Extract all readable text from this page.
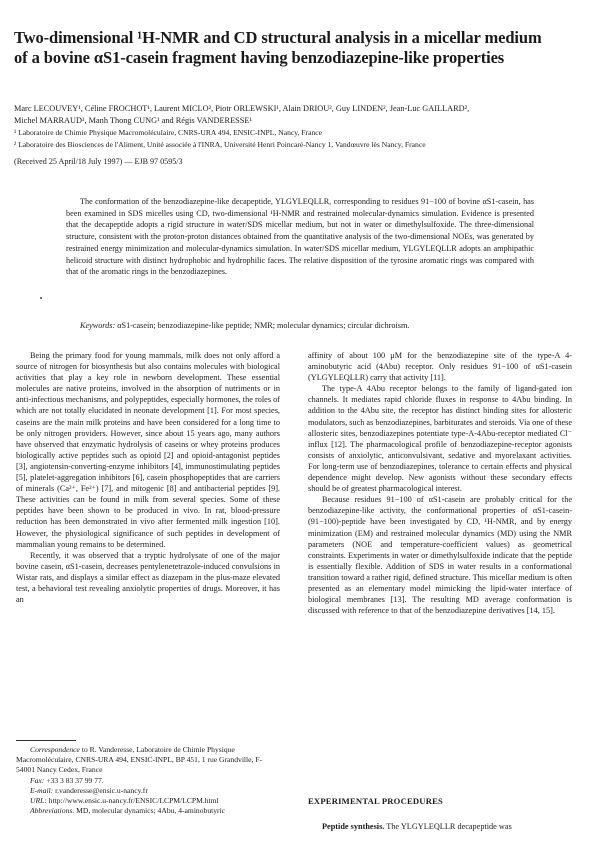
Two-dimensional ¹H-NMR and CD structural analysis in a micellar medium
of a bovine αS1-casein fragment having benzodiazepine-like properties
Marc LECOUVEY¹, Céline FROCHOT¹, Laurent MICLO², Piotr ORLEWSKI¹, Alain DRIOU², Guy LINDEN², Jean-Luc GAILLARD²,
Michel MARRAUD¹, Manh Thong CUNG¹ and Régis VANDERESSE¹
¹ Laboratoire de Chimie Physique Macromoléculaire, CNRS-URA 494, ENSIC-INPL, Nancy, France
² Laboratoire des Biosciences de l'Aliment, Unité associée à l'INRA, Université Henri Poincaré-Nancy 1, Vandœuvre lès Nancy, France
(Received 25 April/18 July 1997) — EJB 97 0595/3

The conformation of the benzodiazepine-like decapeptide, YLGYLEQLLR, corresponding to residues 91−100 of bovine αS1-casein, has been examined in SDS micelles using CD, two-dimensional ¹H-NMR and restrained molecular-dynamics simulation. Evidence is presented that the decapeptide adopts a rigid structure in water/SDS micellar medium, but not in water or dimethylsulfoxide. The three-dimensional structure, consistent with the proton-proton distances obtained from the quantitative analysis of the two-dimensional NOEs, was generated by restrained energy minimization and molecular-dynamics simulation. In water/SDS micellar medium, YLGYLEQLLR adopts an amphipathic helicoid structure with distinct hydrophobic and hydrophilic faces. The relative disposition of the tyrosine aromatic rings was compared with that of the aromatic rings in the benzodiazepines.

Keywords: αS1-casein; benzodiazepine-like peptide; NMR; molecular dynamics; circular dichroism.

Being the primary food for young mammals, milk does not only afford a source of nitrogen for biosynthesis but also contains molecules with biological activities that play a key role in newborn development. These essential molecules are native proteins, involved in the absorption of nutriments or in anti-infectious mechanisms, and polypeptides, especially hormones, the roles of which are not totally elucidated in neonate development [1]. For most species, caseins are the main milk proteins and have been considered for a long time to be only nitrogen providers. However, since about 15 years ago, many authors have observed that enzymatic hydrolysis of caseins or whey proteins produces biologically active peptides such as opioid [2] and opioid-antagonist peptides [3], angiotensin-converting-enzyme inhibitors [4], immunostimulating peptides [5], platelet-aggregation inhibitors [6], casein phosphopeptides that are carriers of minerals (Ca²⁺, Fe²⁺) [7], and mitogenic [8] and antibacterial peptides [9]. These activities can be found in milk from several species. Some of these peptides have been shown to be produced in vivo. In rat, blood-pressure reduction has been demonstrated in vivo after fermented milk ingestion [10]. However, the physiological significance of such peptides in development of mammalian young remains to be determined.

Recently, it was observed that a tryptic hydrolysate of one of the major bovine casein, αS1-casein, decreases pentylenetetrazole-induced convulsions in Wistar rats, and displays a similar effect as diazepam in the plus-maze elevated test, a behavioral test revealing anxiolytic properties of drugs. Moreover, it has an

Correspondence to R. Vanderesse, Laboratoire de Chimie Physique Macromoléculaire, CNRS-URA 494, ENSIC-INPL, BP 451, 1 rue Grandville, F-54001 Nancy Cedex, France

Fax: +33 3 83 37 99 77.

E-mail: r.vanderesse@ensic.u-nancy.fr

URL: http://www.ensic.u-nancy.fr/ENSIC/LCPM/LCPM.html

Abbreviations. MD, molecular dynamics; 4Abu, 4-aminobutyric

affinity of about 100 μM for the benzodiazepine site of the type-A 4-aminobutyric acid (4Abu) receptor. Only residues 91−100 of αS1-casein (YLGYLEQLLR) carry that activity [11].

The type-A 4Abu receptor belongs to the family of ligand-gated ion channels. It mediates rapid chloride fluxes in response to 4Abu binding. In addition to the 4Abu site, the receptor has distinct binding sites for allosteric modulators, such as benzodiazepines, barbiturates and steroids. Via one of these allosteric sites, benzodiazepines potentiate type-A-4Abu-receptor mediated Cl⁻ influx [12]. The pharmacological profile of benzodiazepine-receptor agonists consists of anxiolytic, anticonvulsivant, sedative and myorelaxant activities. For long-term use of benzodiazepines, tolerance to certain effects and physical dependence might develop. New agonists without these secondary effects should be of greatest pharmacological interest.

Because residues 91−100 of αS1-casein are probably critical for the benzodiazepine-like activity, the conformational properties of αS1-casein-(91−100)-peptide have been investigated by CD, ¹H-NMR, and by energy minimization (EM) and restrained molecular dynamics (MD) using the NMR parameters (NOE and temperature-coefficient values) as geometrical constraints. Experiments in water or dimethylsulfoxide indicate that the peptide is essentially flexible. Addition of SDS in water results in a conformational transition toward a rather rigid, defined structure. This micellar medium is often presented as an elementary model mimicking the lipid-water interface of biological membranes [13]. The resulting MD average conformation is discussed with reference to that of the benzodiazepine derivatives [14, 15].

EXPERIMENTAL PROCEDURES
Peptide synthesis. The YLGYLEQLLR decapeptide was
